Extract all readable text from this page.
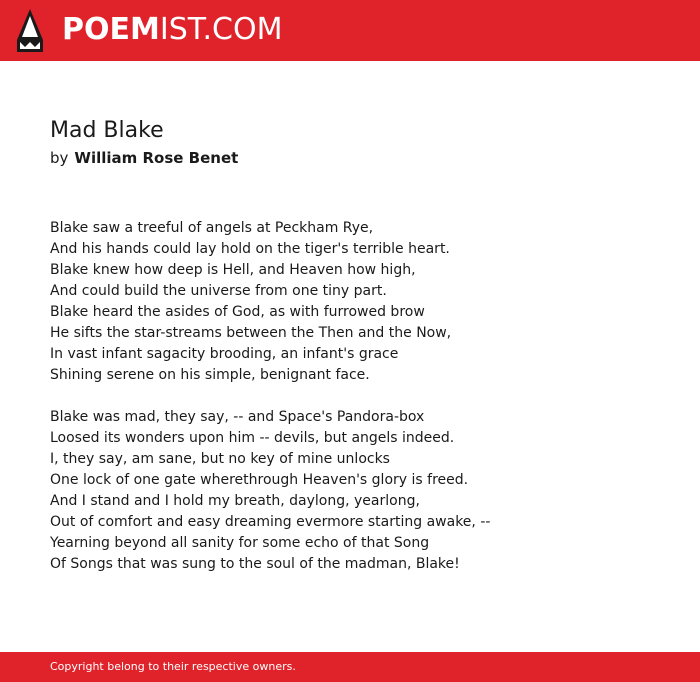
POEMIST.COM
Mad Blake
by William Rose Benet
Blake saw a treeful of angels at Peckham Rye,
And his hands could lay hold on the tiger's terrible heart.
Blake knew how deep is Hell, and Heaven how high,
And could build the universe from one tiny part.
Blake heard the asides of God, as with furrowed brow
He sifts the star-streams between the Then and the Now,
In vast infant sagacity brooding, an infant's grace
Shining serene on his simple, benignant face.
Blake was mad, they say, -- and Space's Pandora-box
Loosed its wonders upon him -- devils, but angels indeed.
I, they say, am sane, but no key of mine unlocks
One lock of one gate wherethrough Heaven's glory is freed.
And I stand and I hold my breath, daylong, yearlong,
Out of comfort and easy dreaming evermore starting awake, --
Yearning beyond all sanity for some echo of that Song
Of Songs that was sung to the soul of the madman, Blake!
Copyright belong to their respective owners.
